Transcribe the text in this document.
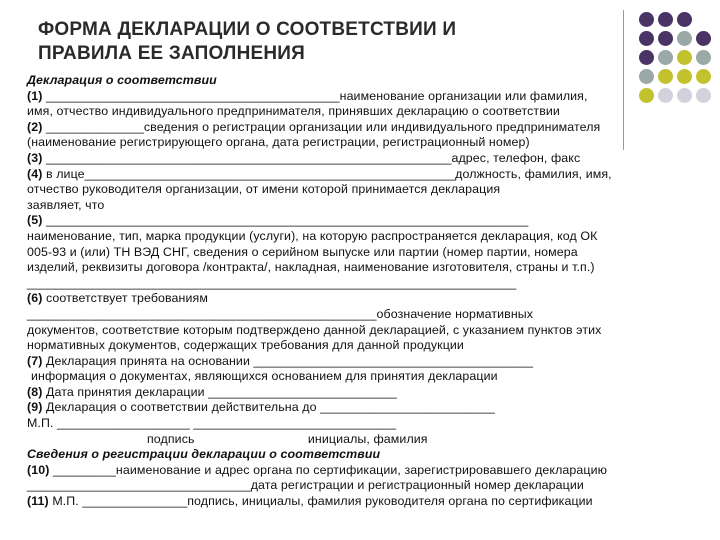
ФОРМА ДЕКЛАРАЦИИ О СООТВЕТСТВИИ И
ПРАВИЛА ЕЕ ЗАПОЛНЕНИЯ
Декларация о соответствии
(1) __________________________________________наименование организации или фамилия,
имя, отчество индивидуального предпринимателя, принявших декларацию о соответствии
(2) ______________сведения о регистрации организации или индивидуального предпринимателя
(наименование регистрирующего органа, дата регистрации, регистрационный номер)
(3) __________________________________________________________адрес, телефон, факс
(4) в лице_____________________________________________________должность, фамилия, имя,
отчество руководителя организации, от имени которой принимается декларация
заявляет, что
(5) _____________________________________________________________________
наименование, тип, марка продукции (услуги), на которую распространяется декларация, код ОК
005-93 и (или) ТН ВЭД СНГ, сведения о серийном выпуске или партии (номер партии, номера
изделий, реквизиты договора /контракта/, накладная, наименование изготовителя, страны и т.п.)
______________________________________________________________________
(6) соответствует требованиям
__________________________________________________обозначение нормативных
документов, соответствие которым подтверждено данной декларацией, с указанием пунктов этих
нормативных документов, содержащих требования для данной продукции
(7) Декларация принята на основании ________________________________________
информация о документах, являющихся основанием для принятия декларации
(8) Дата принятия декларации ___________________________
(9) Декларация о соответствии действительна до _________________________
М.П. ___________________ _____________________________
подпись                                инициалы, фамилия
Сведения о регистрации декларации о соответствии
(10) _________наименование и адрес органа по сертификации, зарегистрировавшего декларацию
________________________________дата регистрации и регистрационный номер декларации
(11) М.П. _______________подпись, инициалы, фамилия руководителя органа по сертификации
